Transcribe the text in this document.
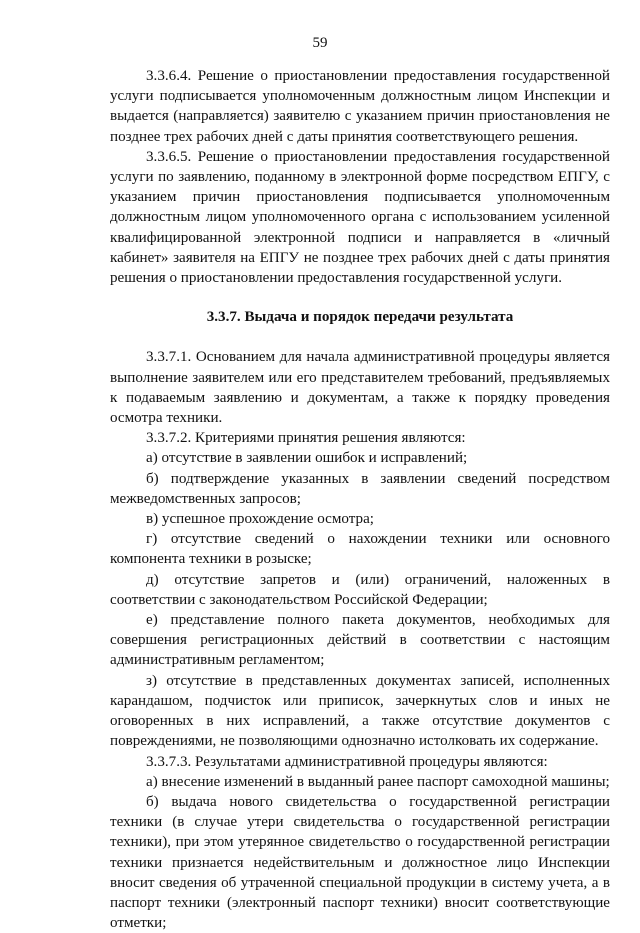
59

3.3.6.4. Решение о приостановлении предоставления государственной услуги подписывается уполномоченным должностным лицом Инспекции и выдается (направляется) заявителю с указанием причин приостановления не позднее трех рабочих дней с даты принятия соответствующего решения.

3.3.6.5. Решение о приостановлении предоставления государственной услуги по заявлению, поданному в электронной форме посредством ЕПГУ, с указанием причин приостановления подписывается уполномоченным должностным лицом уполномоченного органа с использованием усиленной квалифицированной электронной подписи и направляется в «личный кабинет» заявителя на ЕПГУ не позднее трех рабочих дней с даты принятия решения о приостановлении предоставления государственной услуги.

3.3.7. Выдача и порядок передачи результата

3.3.7.1. Основанием для начала административной процедуры является выполнение заявителем или его представителем требований, предъявляемых к подаваемым заявлению и документам, а также к порядку проведения осмотра техники.

3.3.7.2. Критериями принятия решения являются:

а) отсутствие в заявлении ошибок и исправлений;

б) подтверждение указанных в заявлении сведений посредством межведомственных запросов;

в) успешное прохождение осмотра;

г) отсутствие сведений о нахождении техники или основного компонента техники в розыске;

д) отсутствие запретов и (или) ограничений, наложенных в соответствии с законодательством Российской Федерации;

е) представление полного пакета документов, необходимых для совершения регистрационных действий в соответствии с настоящим административным регламентом;

з) отсутствие в представленных документах записей, исполненных карандашом, подчисток или приписок, зачеркнутых слов и иных не оговоренных в них исправлений, а также отсутствие документов с повреждениями, не позволяющими однозначно истолковать их содержание.

3.3.7.3. Результатами административной процедуры являются:

а) внесение изменений в выданный ранее паспорт самоходной машины;

б) выдача нового свидетельства о государственной регистрации техники (в случае утери свидетельства о государственной регистрации техники), при этом утерянное свидетельство о государственной регистрации техники признается недействительным и должностное лицо Инспекции вносит сведения об утраченной специальной продукции в систему учета, а в паспорт техники (электронный паспорт техники) вносит соответствующие отметки;
